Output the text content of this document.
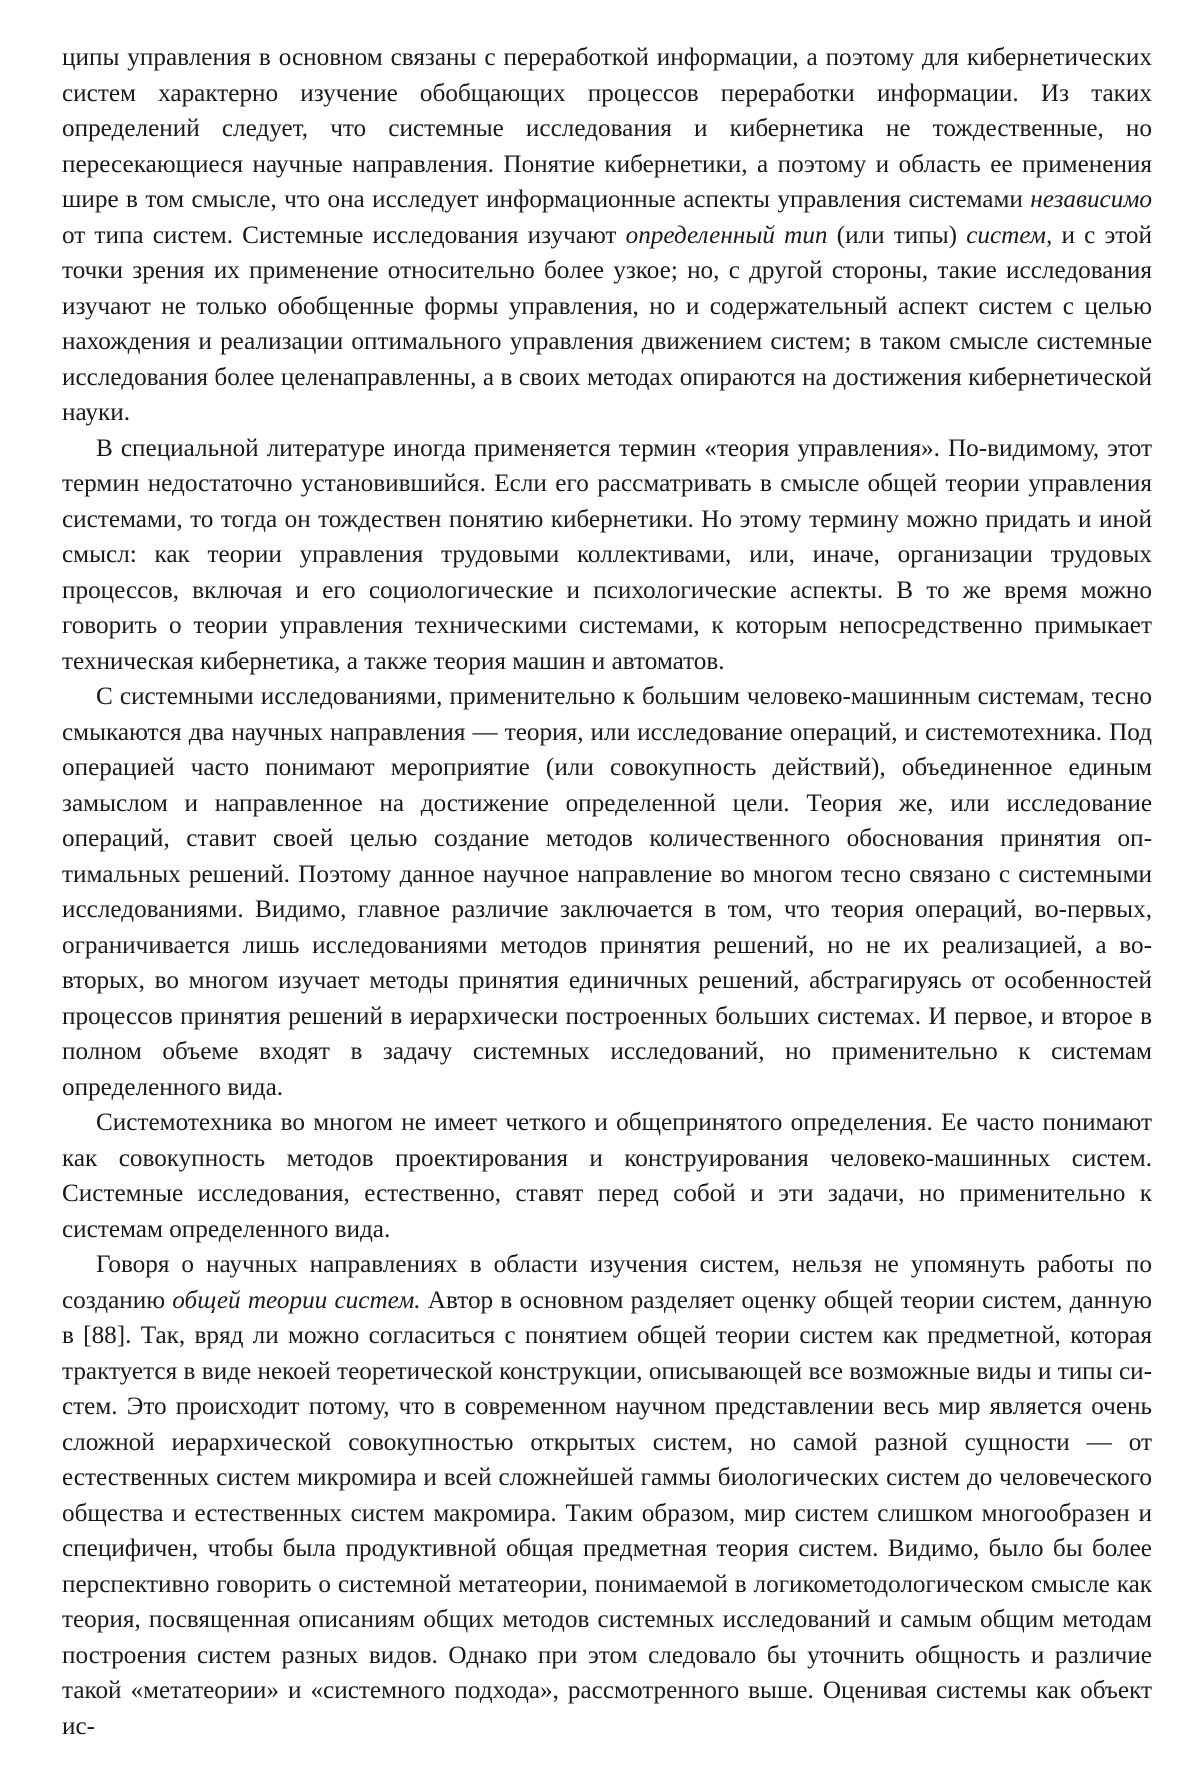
ципы управления в основном связаны с переработкой информации, а поэтому для кибернетических систем характерно изучение обобщающих процессов переработки информации. Из таких определений следует, что системные исследования и кибернетика не тождественные, но пересекающиеся научные направления. Понятие кибернетики, а поэтому и область ее применения шире в том смысле, что она исследует информационные аспекты управления системами независимо от типа систем. Системные исследования изучают определенный тип (или типы) систем, и с этой точки зрения их применение относительно более узкое; но, с другой стороны, такие исследования изучают не только обобщенные формы управления, но и содержательный аспект систем с целью нахождения и реализации оптимального управления движением систем; в таком смысле системные исследования более целенаправленны, а в своих методах опираются на достижения кибернетической науки.

В специальной литературе иногда применяется термин «теория управления». По-видимому, этот термин недостаточно установившийся. Если его рассматривать в смысле общей теории управления системами, то тогда он тождествен понятию кибернетики. Но этому термину можно придать и иной смысл: как теории управления трудовыми коллективами, или, иначе, организации трудовых процессов, включая и его социологические и психологические аспекты. В то же время можно говорить о теории управления техническими системами, к которым непосредственно примыкает техническая кибернетика, а также теория машин и автоматов.

С системными исследованиями, применительно к большим человеко-машинным системам, тесно смыкаются два научных направления — теория, или исследование операций, и системотехника. Под операцией часто понимают мероприятие (или совокупность действий), объединенное единым замыслом и направленное на достижение определенной цели. Теория же, или исследование операций, ставит своей целью создание методов количественного обоснования принятия оптимальных решений. Поэтому данное научное направление во многом тесно связано с системными исследованиями. Видимо, главное различие заключается в том, что теория операций, во-первых, ограничивается лишь исследованиями методов принятия решений, но не их реализацией, а во-вторых, во многом изучает методы принятия единичных решений, абстрагируясь от особенностей процессов принятия решений в иерархически построенных больших системах. И первое, и второе в полном объеме входят в задачу системных исследований, но применительно к системам определенного вида.

Системотехника во многом не имеет четкого и общепринятого определения. Ее часто понимают как совокупность методов проектирования и конструирования человеко-машинных систем. Системные исследования, естественно, ставят перед собой и эти задачи, но применительно к системам определенного вида.

Говоря о научных направлениях в области изучения систем, нельзя не упомянуть работы по созданию общей теории систем. Автор в основном разделяет оценку общей теории систем, данную в [88]. Так, вряд ли можно согласиться с понятием общей теории систем как предметной, которая трактуется в виде некоей теоретической конструкции, описывающей все возможные виды и типы систем. Это происходит потому, что в современном научном представлении весь мир является очень сложной иерархической совокупностью открытых систем, но самой разной сущности — от естественных систем микромира и всей сложнейшей гаммы биологических систем до человеческого общества и естественных систем макромира. Таким образом, мир систем слишком многообразен и специфичен, чтобы была продуктивной общая предметная теория систем. Видимо, было бы более перспективно говорить о системной метатеории, понимаемой в логикометодологическом смысле как теория, посвященная описаниям общих методов системных исследований и самым общим методам построения систем разных видов. Однако при этом следовало бы уточнить общность и различие такой «метатеории» и «системного подхода», рассмотренного выше. Оценивая системы как объект ис-
